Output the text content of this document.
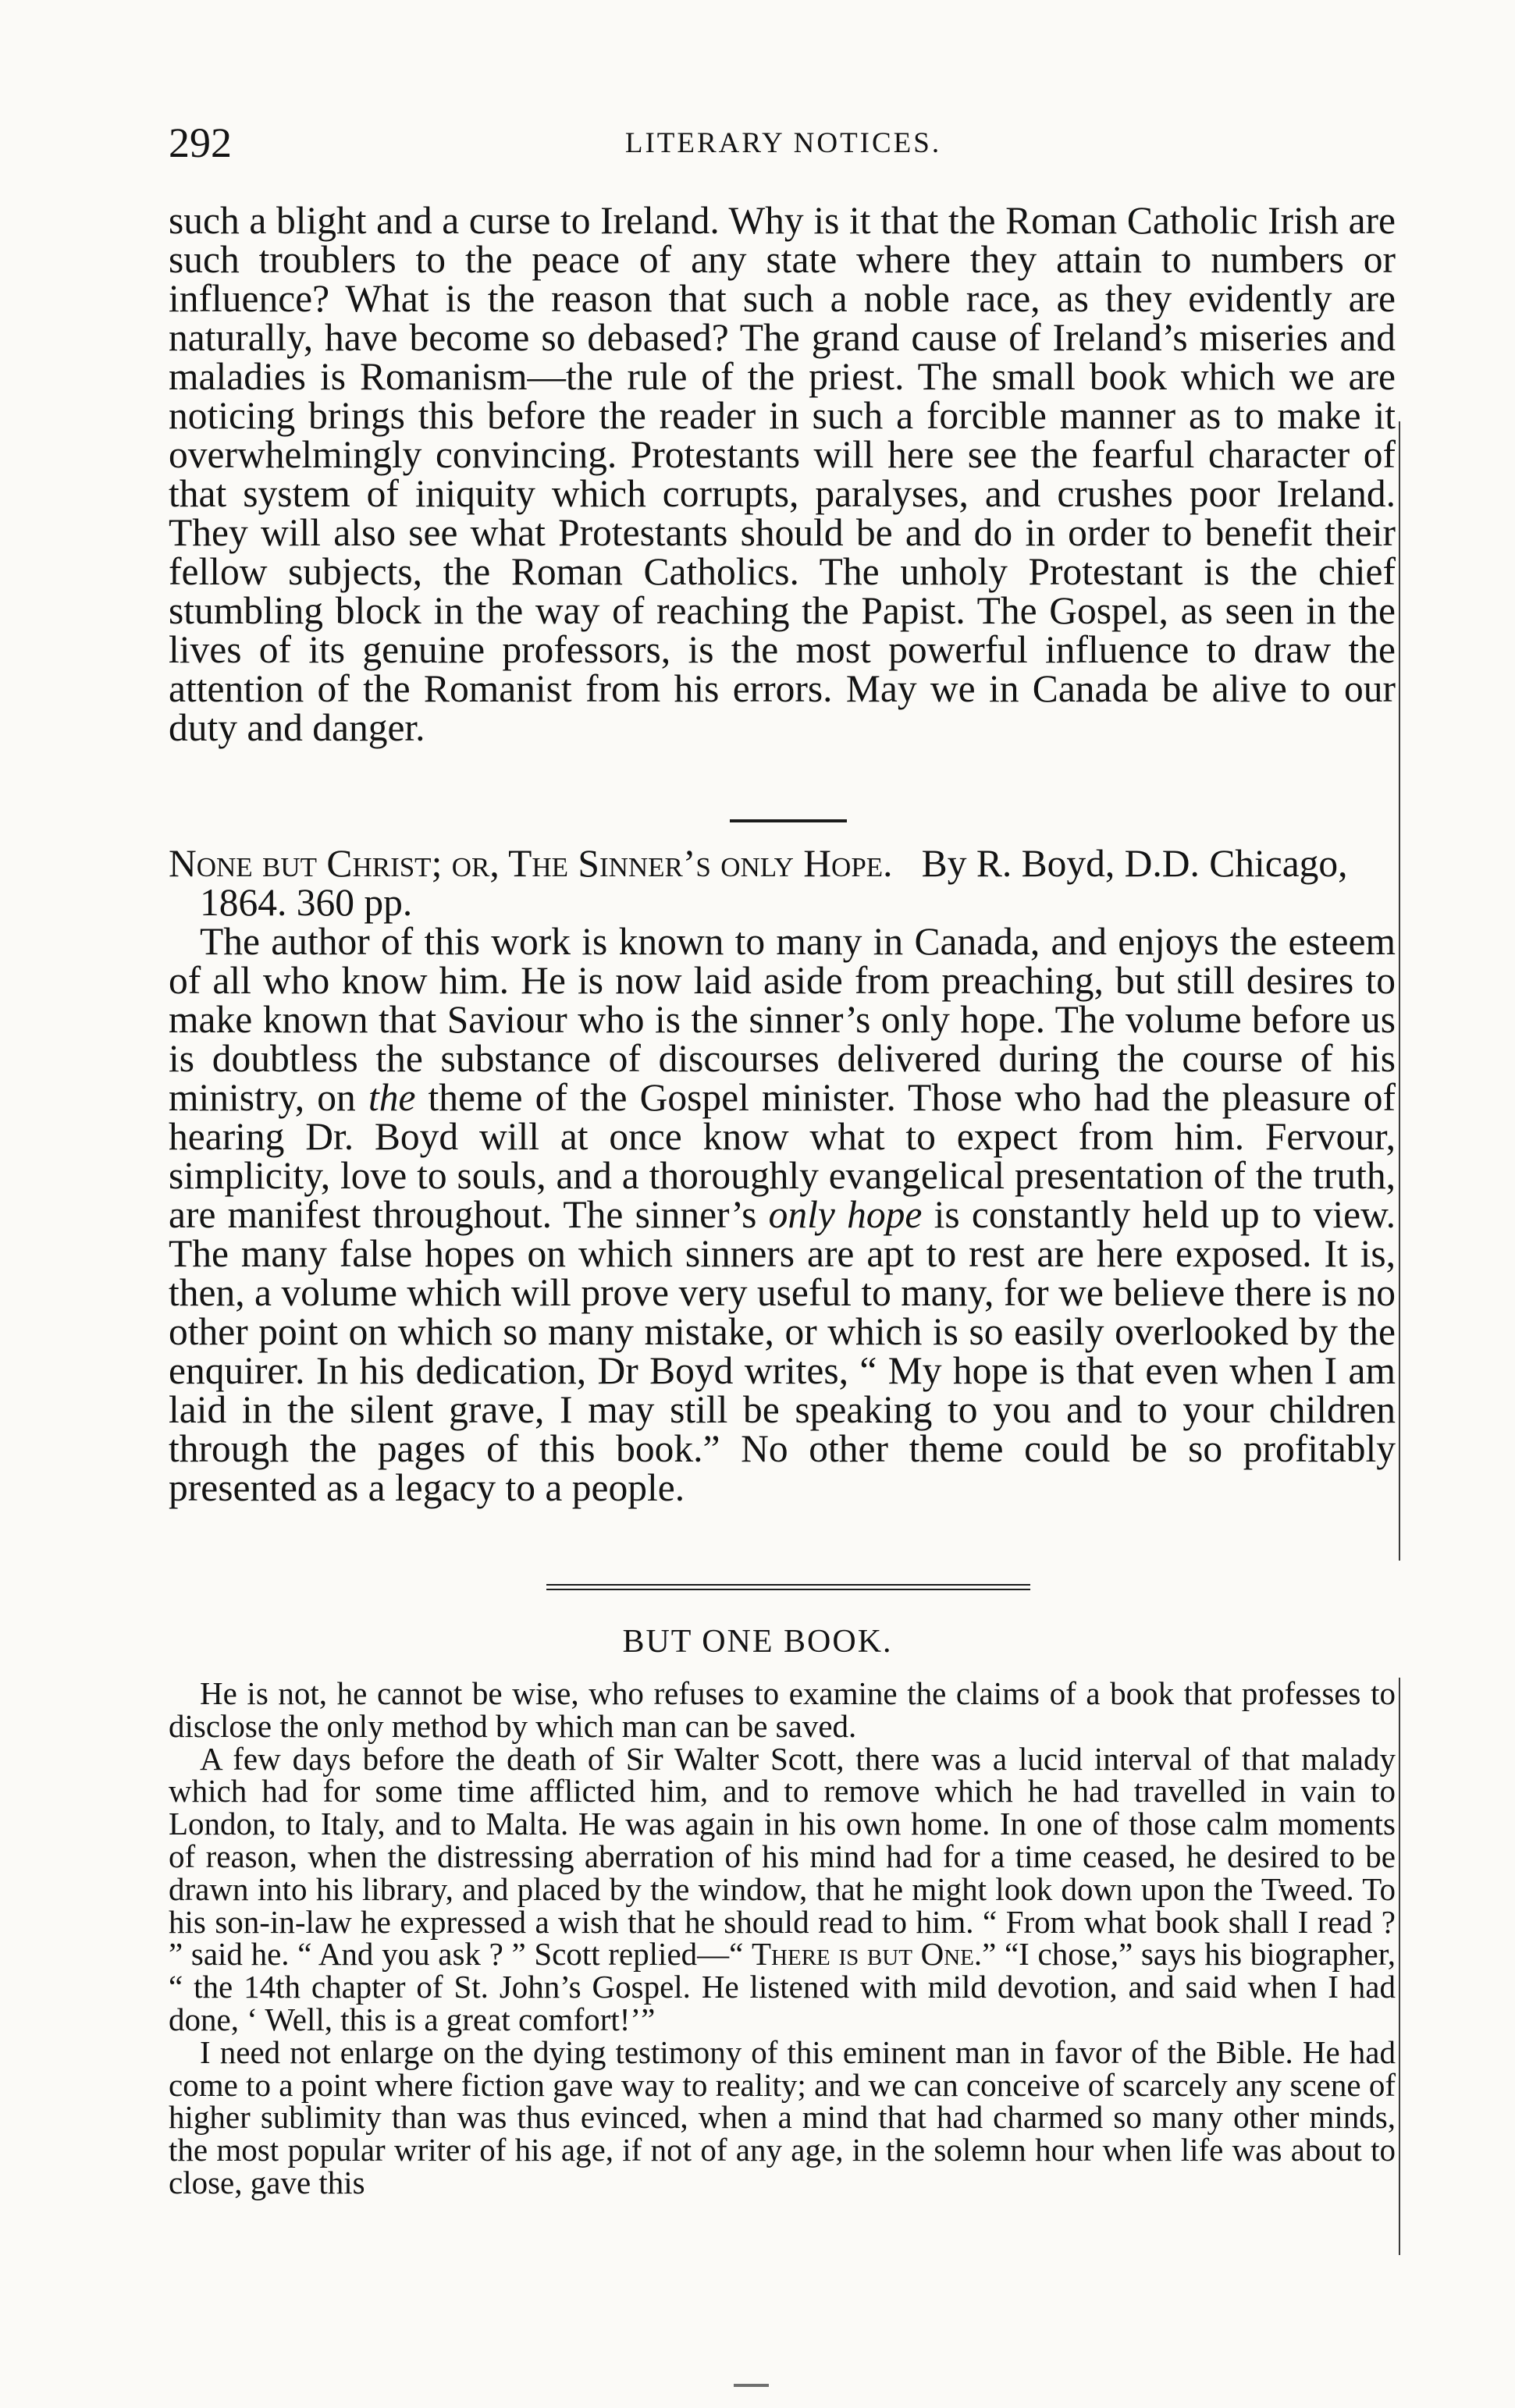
292	LITERARY NOTICES.

such a blight and a curse to Ireland. Why is it that the Roman Catholic Irish are such troublers to the peace of any state where they attain to numbers or influence? What is the reason that such a noble race, as they evidently are naturally, have become so debased? The grand cause of Ireland’s miseries and maladies is Romanism—the rule of the priest. The small book which we are noticing brings this before the reader in such a forcible manner as to make it overwhelmingly convincing. Protestants will here see the fearful character of that system of iniquity which corrupts, paralyses, and crushes poor Ireland. They will also see what Protestants should be and do in order to benefit their fellow subjects, the Roman Catholics. The unholy Protestant is the chief stumbling block in the way of reaching the Papist. The Gospel, as seen in the lives of its genuine professors, is the most powerful influence to draw the attention of the Romanist from his errors. May we in Canada be alive to our duty and danger.

None but Christ; or, The Sinner’s only Hope. By R. Boyd, D.D. Chicago, 1864. 360 pp.

The author of this work is known to many in Canada, and enjoys the esteem of all who know him. He is now laid aside from preaching, but still desires to make known that Saviour who is the sinner’s only hope. The volume before us is doubtless the substance of discourses delivered during the course of his ministry, on the theme of the Gospel minister. Those who had the pleasure of hearing Dr. Boyd will at once know what to expect from him. Fervour, simplicity, love to souls, and a thoroughly evangelical presentation of the truth, are manifest throughout. The sinner’s only hope is constantly held up to view. The many false hopes on which sinners are apt to rest are here exposed. It is, then, a volume which will prove very useful to many, for we believe there is no other point on which so many mistake, or which is so easily overlooked by the enquirer. In his dedication, Dr Boyd writes, “ My hope is that even when I am laid in the silent grave, I may still be speaking to you and to your children through the pages of this book.” No other theme could be so profitably presented as a legacy to a people.

BUT ONE BOOK.

He is not, he cannot be wise, who refuses to examine the claims of a book that professes to disclose the only method by which man can be saved.

A few days before the death of Sir Walter Scott, there was a lucid interval of that malady which had for some time afflicted him, and to remove which he had travelled in vain to London, to Italy, and to Malta. He was again in his own home. In one of those calm moments of reason, when the distressing aberration of his mind had for a time ceased, he desired to be drawn into his library, and placed by the window, that he might look down upon the Tweed. To his son-in-law he expressed a wish that he should read to him. “ From what book shall I read ? ” said he. “ And you ask ? ” Scott replied—“ There is but One.” “I chose,” says his biographer, “ the 14th chapter of St. John’s Gospel. He listened with mild devotion, and said when I had done, ‘ Well, this is a great comfort!’”

I need not enlarge on the dying testimony of this eminent man in favor of the Bible. He had come to a point where fiction gave way to reality; and we can conceive of scarcely any scene of higher sublimity than was thus evinced, when a mind that had charmed so many other minds, the most popular writer of his age, if not of any age, in the solemn hour when life was about to close, gave this
